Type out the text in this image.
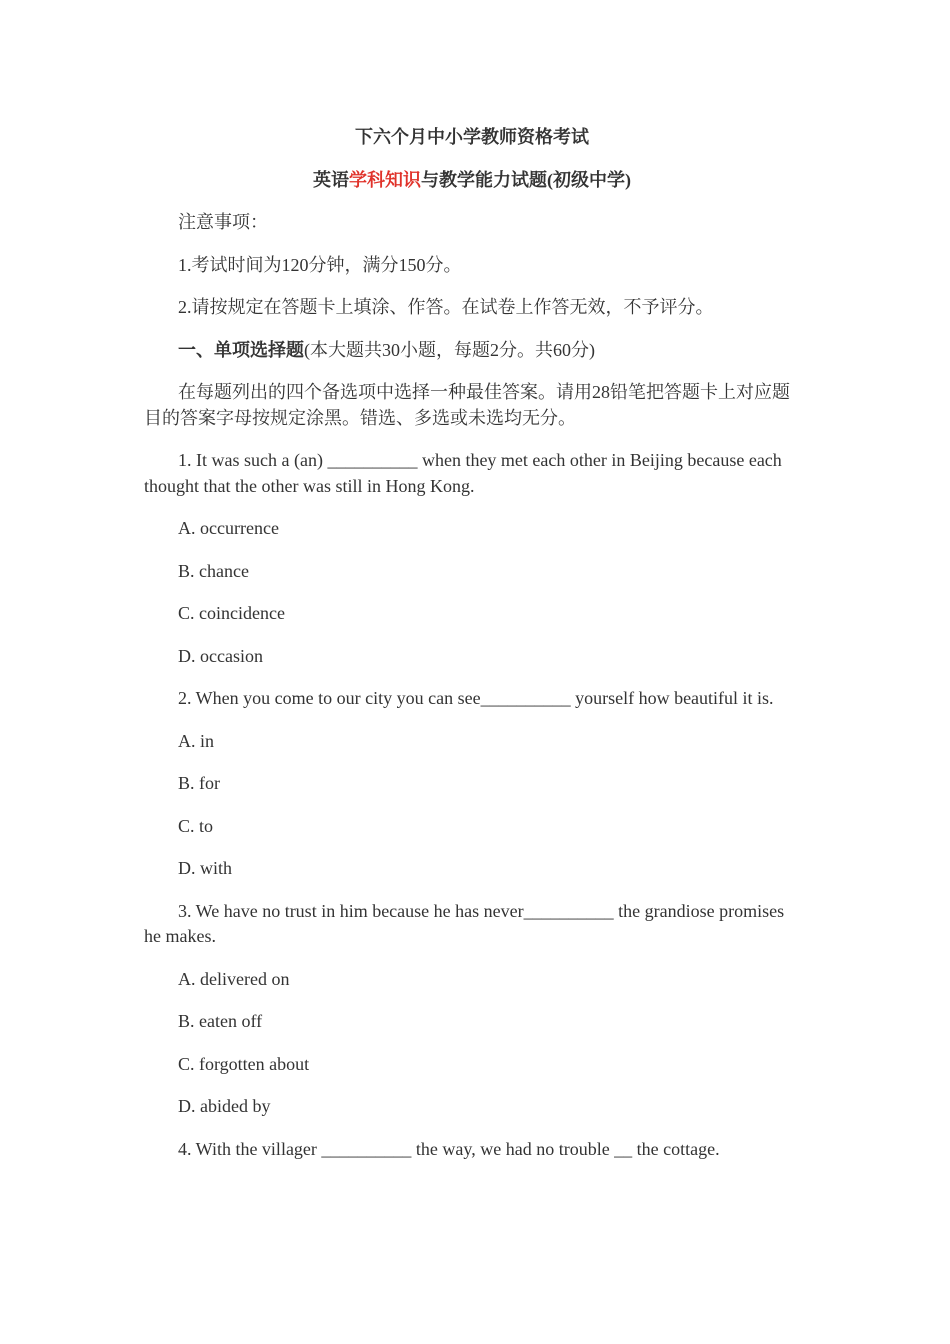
下六个月中小学教师资格考试

英语学科知识与教学能力试题(初级中学)

注意事项：

1.考试时间为120分钟，满分150分。

2.请按规定在答题卡上填涂、作答。在试卷上作答无效，不予评分。

一、单项选择题(本大题共30小题，每题2分。共60分)

在每题列出的四个备选项中选择一种最佳答案。请用28铅笔把答题卡上对应题目的答案字母按规定涂黑。错选、多选或未选均无分。

1. It was such a (an) __________ when they met each other in Beijing because each thought that the other was still in Hong Kong.

A. occurrence

B. chance

C. coincidence

D. occasion

2. When you come to our city you can see__________ yourself how beautiful it is.

A. in

B. for

C. to

D. with

3. We have no trust in him because he has never__________ the grandiose promises he makes.

A. delivered on

B. eaten off

C. forgotten about

D. abided by

4. With the villager __________ the way, we had no trouble __ the cottage.
